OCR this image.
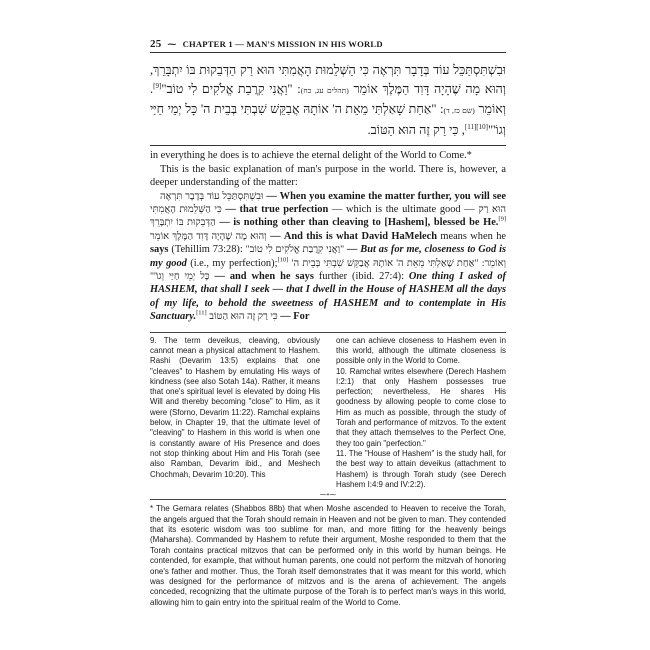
25 ⁓ CHAPTER 1 — MAN'S MISSION IN HIS WORLD

וּבִשְׁתִּסְתַּכֵּל עוֹד בְּדָבָר תִּרְאֶה כִּי הַשְּׁלֵמוּת הָאֲמִתִּי הוּא רַק הַדְּבֵקוּת בּוֹ יִתְבָּרֵךְ, וְהוּא מָה שֶׁהָיָה דָּוִד הַמֶּלֶךְ אוֹמֵר (תהלים עג, כח): "וַאֲנִי קִרֲבַת אֱלֹקִים לִי טוֹב"[9]. וְאוֹמֵר (שם כז, ד): "אַחַת שָׁאַלְתִּי מֵאֵת ה' אוֹתָהּ אֲבַקֵּשׁ שִׁבְתִּי בְּבֵית ה' כָּל יְמֵי חַיַּי וְגוֹ'"[10][11], כִּי רַק זֶה הוּא הַטּוֹב.

in everything he does is to achieve the eternal delight of the World to Come.*

This is the basic explanation of man's purpose in the world. There is, however, a deeper understanding of the matter:

וּבִשְׁתִּסְתַּכֵּל עוֹד בְּדָבָר תִּרְאֶה — When you examine the matter further, you will see כִּי הַשְּׁלֵמוּת הָאֲמִתִּי — that true perfection — which is the ultimate good — הוּא רַק הַדְּבֵקוּת בּוֹ יִתְבָּרֵךְ — is nothing other than cleaving to [Hashem], blessed be He.[9] וְהוּא מָה שֶׁהָיָה דָּוִד הַמֶּלֶךְ אוֹמֵר — And this is what David HaMelech means when he says (Tehillim 73:28): "וַאֲנִי קִרֲבַת אֱלֹקִים לִי טוֹב" — But as for me, closeness to God is my good (i.e., my perfection);[10] וְאוֹמֵר: "אַחַת שָׁאַלְתִּי מֵאֵת ה' אוֹתָהּ אֲבַקֵּשׁ שִׁבְתִּי בְּבֵית ה' כָּל יְמֵי חַיַּי וְגוֹ'" — and when he says further (ibid. 27:4): One thing I asked of HASHEM, that shall I seek — that I dwell in the House of HASHEM all the days of my life, to behold the sweetness of HASHEM and to contemplate in His Sanctuary.[11] כִּי רַק זֶה הוּא הַטּוֹב — For

9. The term deveikus, cleaving, obviously cannot mean a physical attachment to Hashem. Rashi (Devarim 13:5) explains that one "cleaves" to Hashem by emulating His ways of kindness (see also Sotah 14a). Rather, it means that one's spiritual level is elevated by doing His Will and thereby becoming "close" to Him, as it were (Sforno, Devarim 11:22). Ramchal explains below, in Chapter 19, that the ultimate level of "cleaving" to Hashem in this world is when one is constantly aware of His Presence and does not stop thinking about Him and His Torah (see also Ramban, Devarim ibid., and Meshech Chochmah, Devarim 10:20). This

one can achieve closeness to Hashem even in this world, although the ultimate closeness is possible only in the World to Come.

10. Ramchal writes elsewhere (Derech Hashem I:2:1) that only Hashem possesses true perfection; nevertheless, He shares His goodness by allowing people to come close to Him as much as possible, through the study of Torah and performance of mitzvos. To the extent that they attach themselves to the Perfect One, they too gain "perfection."

11. The "House of Hashem" is the study hall, for the best way to attain deveikus (attachment to Hashem) is through Torah study (see Derech Hashem I:4:9 and IV:2:2).

⁓•⁓

* The Gemara relates (Shabbos 88b) that when Moshe ascended to Heaven to receive the Torah, the angels argued that the Torah should remain in Heaven and not be given to man. They contended that its esoteric wisdom was too sublime for man, and more fitting for the heavenly beings (Maharsha). Commanded by Hashem to refute their argument, Moshe responded to them that the Torah contains practical mitzvos that can be performed only in this world by human beings. He contended, for example, that without human parents, one could not perform the mitzvah of honoring one's father and mother. Thus, the Torah itself demonstrates that it was meant for this world, which was designed for the performance of mitzvos and is the arena of achievement. The angels conceded, recognizing that the ultimate purpose of the Torah is to perfect man's ways in this world, allowing him to gain entry into the spiritual realm of the World to Come.
